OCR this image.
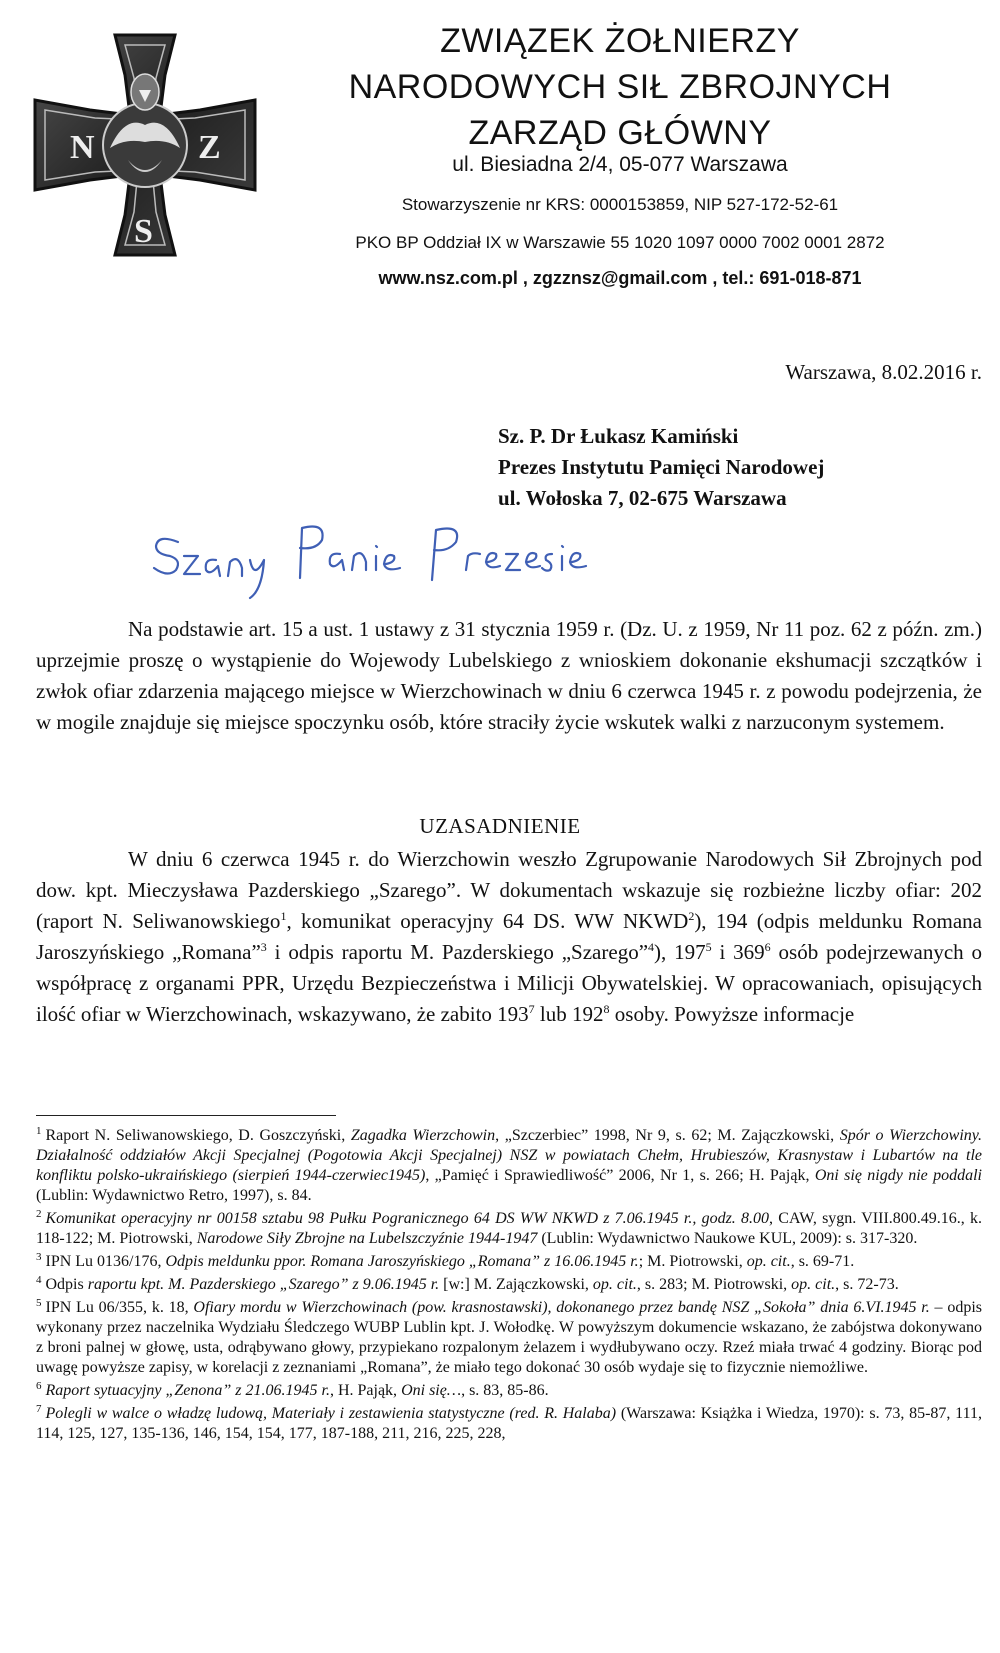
N	Z
S
ZWIĄZEK ŻOŁNIERZY
NARODOWYCH SIŁ ZBROJNYCH
ZARZĄD GŁÓWNY
ul. Biesiadna 2/4, 05-077 Warszawa
Stowarzyszenie nr KRS: 0000153859, NIP 527-172-52-61
PKO BP Oddział IX w Warszawie 55 1020 1097 0000 7002 0001 2872
www.nsz.com.pl , zgzznsz@gmail.com , tel.: 691-018-871
Warszawa, 8.02.2016 r.
Sz. P. Dr Łukasz Kamiński
Prezes Instytutu Pamięci Narodowej
ul. Wołoska 7, 02-675 Warszawa
Na podstawie art. 15 a ust. 1 ustawy z 31 stycznia 1959 r. (Dz. U. z 1959, Nr 11 poz. 62 z późn. zm.) uprzejmie proszę o wystąpienie do Wojewody Lubelskiego z wnioskiem dokonanie ekshumacji szczątków i zwłok ofiar zdarzenia mającego miejsce w Wierzchowinach w dniu 6 czerwca 1945 r. z powodu podejrzenia, że w mogile znajduje się miejsce spoczynku osób, które straciły życie wskutek walki z narzuconym systemem.
UZASADNIENIE
W dniu 6 czerwca 1945 r. do Wierzchowin weszło Zgrupowanie Narodowych Sił Zbrojnych pod dow. kpt. Mieczysława Pazderskiego „Szarego”. W dokumentach wskazuje się rozbieżne liczby ofiar: 202 (raport N. Seliwanowskiego$^1$, komunikat operacyjny 64 DS. WW NKWD$^2$), 194 (odpis meldunku Romana Jaroszyńskiego „Romana”$^3$ i odpis raportu M. Pazderskiego „Szarego”$^4$), $197^5$ i $369^6$ osób podejrzewanych o współpracę z organami PPR, Urzędu Bezpieczeństwa i Milicji Obywatelskiej. W opracowaniach, opisujących ilość ofiar w Wierzchowinach, wskazywano, że zabito $193^7$ lub $192^8$ osoby. Powyższe informacje
$^1$ Raport N. Seliwanowskiego, D. Goszczyński, Zagadka Wierzchowin, „Szczerbiec” 1998, Nr 9, s. 62; M. Zajączkowski, Spór o Wierzchowiny. Działalność oddziałów Akcji Specjalnej (Pogotowia Akcji Specjalnej) NSZ w powiatach Chełm, Hrubieszów, Krasnystaw i Lubartów na tle konfliktu polsko-ukraińskiego (sierpień 1944-czerwiec1945), „Pamięć i Sprawiedliwość” 2006, Nr 1, s. 266; H. Pająk, Oni się nigdy nie poddali (Lublin: Wydawnictwo Retro, 1997), s. 84.
$^2$ Komunikat operacyjny nr 00158 sztabu 98 Pułku Pogranicznego 64 DS WW NKWD z 7.06.1945 r., godz. 8.00, CAW, sygn. VIII.800.49.16., k. 118-122; M. Piotrowski, Narodowe Siły Zbrojne na Lubelszczyźnie 1944-1947 (Lublin: Wydawnictwo Naukowe KUL, 2009): s. 317-320.
$^3$ IPN Lu 0136/176, Odpis meldunku ppor. Romana Jaroszyńskiego „Romana” z 16.06.1945 r.; M. Piotrowski, op. cit., s. 69-71.
$^4$ Odpis raportu kpt. M. Pazderskiego „Szarego” z 9.06.1945 r. [w:] M. Zajączkowski, op. cit., s. 283; M. Piotrowski, op. cit., s. 72-73.
$^5$ IPN Lu 06/355, k. 18, Ofiary mordu w Wierzchowinach (pow. krasnostawski), dokonanego przez bandę NSZ „Sokoła” dnia 6.VI.1945 r. – odpis wykonany przez naczelnika Wydziału Śledczego WUBP Lublin kpt. J. Wołodkę. W powyższym dokumencie wskazano, że zabójstwa dokonywano z broni palnej w głowę, usta, odrąbywano głowy, przypiekano rozpalonym żelazem i wydłubywano oczy. Rzeź miała trwać 4 godziny. Biorąc pod uwagę powyższe zapisy, w korelacji z zeznaniami „Romana”, że miało tego dokonać 30 osób wydaje się to fizycznie niemożliwe.
$^6$ Raport sytuacyjny „Zenona” z 21.06.1945 r., H. Pająk, Oni się…, s. 83, 85-86.
$^7$ Polegli w walce o władzę ludową, Materiały i zestawienia statystyczne (red. R. Halaba) (Warszawa: Książka i Wiedza, 1970): s. 73, 85-87, 111, 114, 125, 127, 135-136, 146, 154, 154, 177, 187-188, 211, 216, 225, 228,
